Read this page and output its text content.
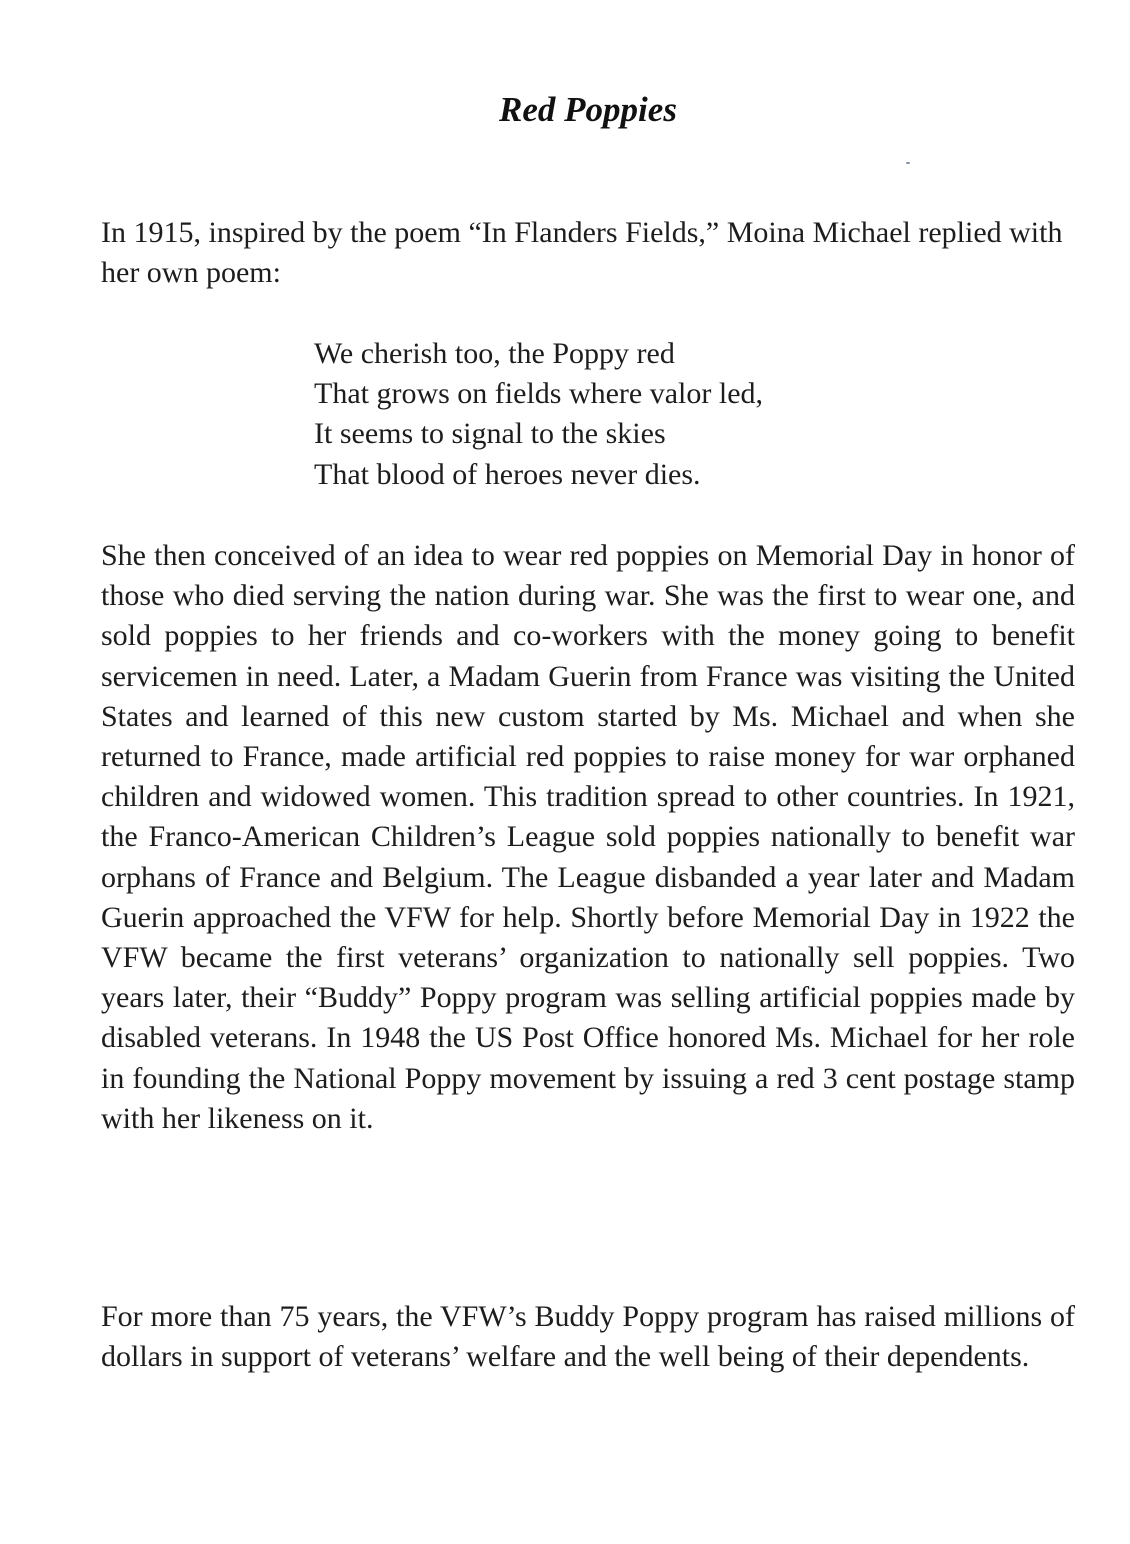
Red Poppies

In 1915, inspired by the poem “In Flanders Fields,” Moina Michael replied with her own poem:

We cherish too, the Poppy red
That grows on fields where valor led,
It seems to signal to the skies
That blood of heroes never dies.

She then conceived of an idea to wear red poppies on Memorial Day in honor of those who died serving the nation during war. She was the first to wear one, and sold poppies to her friends and co-workers with the money going to benefit servicemen in need. Later, a Madam Guerin from France was visiting the United States and learned of this new custom started by Ms. Michael and when she returned to France, made artificial red poppies to raise money for war orphaned children and widowed women. This tradition spread to other countries. In 1921, the Franco-American Children’s League sold poppies nationally to benefit war orphans of France and Belgium. The League disbanded a year later and Madam Guerin approached the VFW for help. Shortly before Memorial Day in 1922 the VFW became the first veterans’ organization to nationally sell poppies. Two years later, their “Buddy” Poppy program was selling artificial poppies made by disabled veterans. In 1948 the US Post Office honored Ms. Michael for her role in founding the National Poppy movement by issuing a red 3 cent postage stamp with her likeness on it.

For more than 75 years, the VFW’s Buddy Poppy program has raised millions of dollars in support of veterans’ welfare and the well being of their dependents.
